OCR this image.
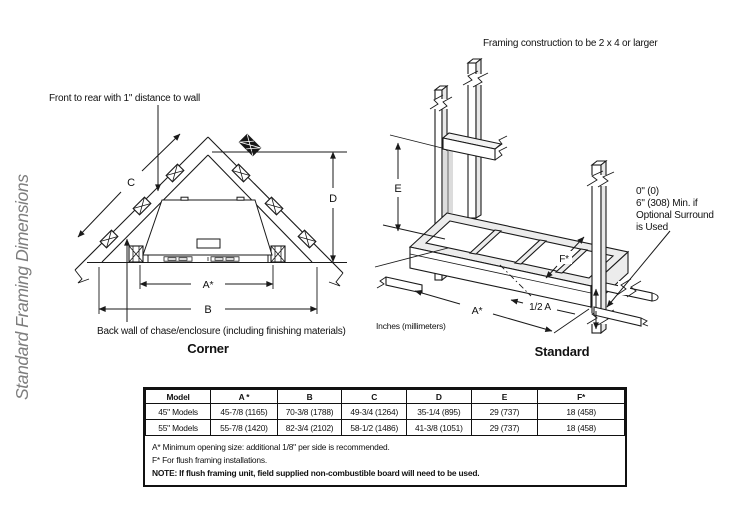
Standard Framing Dimensions
Front to rear with 1" distance to wall
C
D
A*
B
Back wall of chase/enclosure (including finishing materials)
Corner
Framing construction to be 2 x 4 or larger
E
F*
1/2 A
A*
0" (0)
6" (308) Min. if
Optional Surround
is Used
Inches (millimeters)
Standard
Model	A *	B	C	D	E	F*
45" Models	45-7/8 (1165)	70-3/8 (1788)	49-3/4 (1264)	35-1/4 (895)	29 (737)	18 (458)
55" Models	55-7/8 (1420)	82-3/4 (2102)	58-1/2 (1486)	41-3/8 (1051)	29 (737)	18 (458)
A* Minimum opening size: additional 1/8" per side is recommended.
F* For flush framing installations.
NOTE: If flush framing unit, field supplied non-combustible board will need to be used.
